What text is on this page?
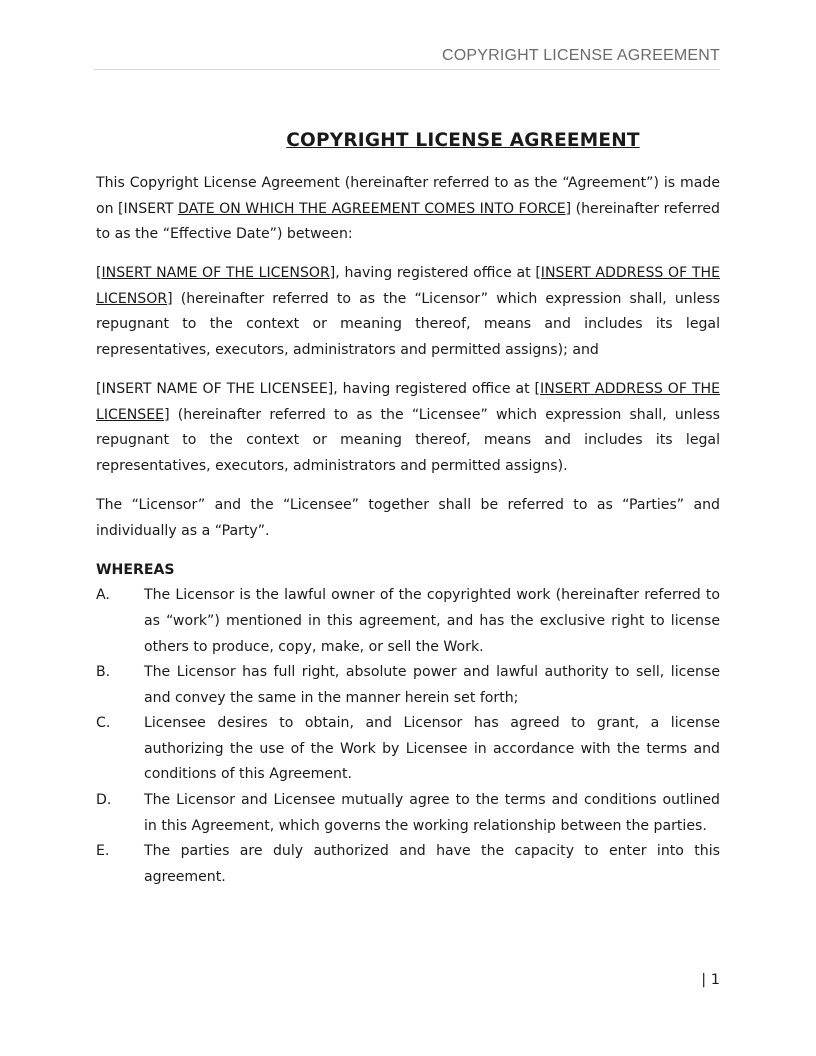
COPYRIGHT LICENSE AGREEMENT
COPYRIGHT LICENSE AGREEMENT

This Copyright License Agreement (hereinafter referred to as the “Agreement”) is made on [INSERT DATE ON WHICH THE AGREEMENT COMES INTO FORCE] (hereinafter referred to as the “Effective Date”) between:

[INSERT NAME OF THE LICENSOR], having registered office at [INSERT ADDRESS OF THE LICENSOR] (hereinafter referred to as the “Licensor” which expression shall, unless repugnant to the context or meaning thereof, means and includes its legal representatives, executors, administrators and permitted assigns); and

[INSERT NAME OF THE LICENSEE], having registered office at [INSERT ADDRESS OF THE LICENSEE] (hereinafter referred to as the “Licensee” which expression shall, unless repugnant to the context or meaning thereof, means and includes its legal representatives, executors, administrators and permitted assigns).

The “Licensor” and the “Licensee” together shall be referred to as “Parties” and individually as a “Party”.

WHEREAS
A.	The Licensor is the lawful owner of the copyrighted work (hereinafter referred to as “work”) mentioned in this agreement, and has the exclusive right to license others to produce, copy, make, or sell the Work.
B.	The Licensor has full right, absolute power and lawful authority to sell, license and convey the same in the manner herein set forth;
C.	Licensee desires to obtain, and Licensor has agreed to grant, a license authorizing the use of the Work by Licensee in accordance with the terms and conditions of this Agreement.
D.	The Licensor and Licensee mutually agree to the terms and conditions outlined in this Agreement, which governs the working relationship between the parties.
E.	The parties are duly authorized and have the capacity to enter into this agreement.
| 1
